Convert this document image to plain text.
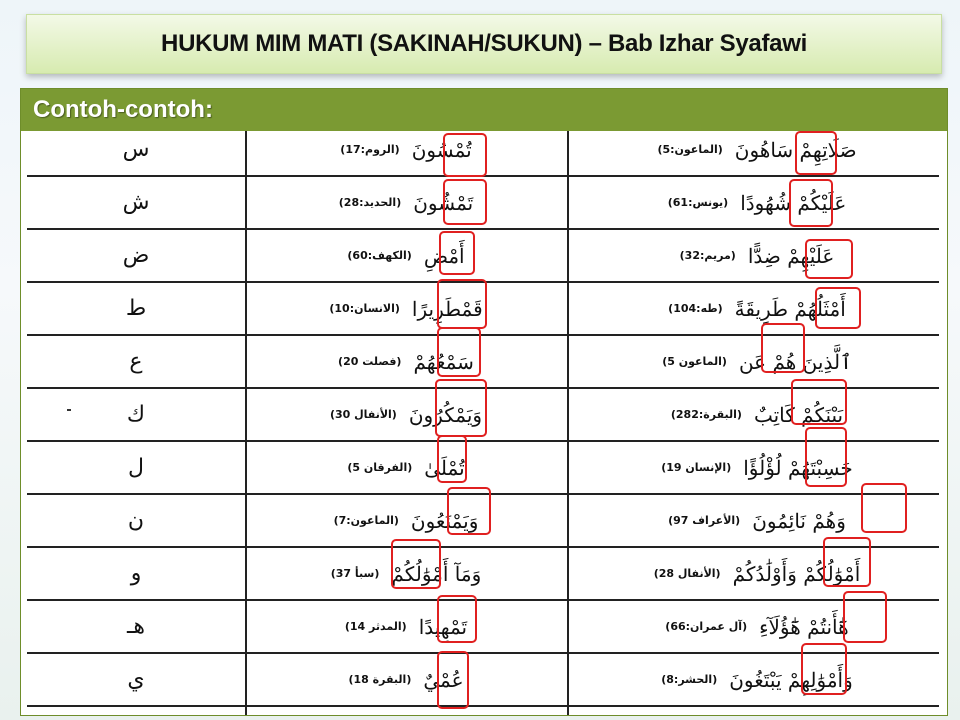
HUKUM MIM MATI (SAKINAH/SUKUN) – Bab Izhar Syafawi
Contoh-contoh:
س	(الروم:17) تُمْسُونَ	(الماعون:5) صَلَاتِهِمْ سَاهُونَ
ش	(الحديد:28) تَمْشُونَ	(يونس:61) عَلَيْكُمْ شُهُودًا
ض	(الكهف:60) أَمْضِ	(مريم:32) عَلَيْهِمْ ضِدًّا
ط	(الانسان:10) قَمْطَرِيرًا	(طه:104) أَمْثَلُهُمْ طَرِيقَةً
ع	(فصلت 20) سَمْعُهُمْ	(الماعون 5) ٱلَّذِينَ هُمْ عَن
ك	(الأنفال 30) وَيَمْكُرُونَ	(البقرة:282) بَيْنَكُمْ كَاتِبٌ
ل	(الفرقان 5) تُمْلَىٰ	(الإنسان 19) حَسِبْتَهُمْ لُؤْلُؤًا
ن	(الماعون:7) وَيَمْنَعُونَ	(الأعراف 97) وَهُمْ نَائِمُونَ
و	(سبأ 37) وَمَآ أَمْوَٰلُكُمْ	(الأنفال 28) أَمْوَٰلُكُمْ وَأَوْلَٰدُكُمْ
هـ	(المدثر 14) تَمْهِيدًا	(آل عمران:66) هَٰٓأَنتُمْ هَٰٓؤُلَآءِ
ي	(البقرة 18) عُمْيٌ	(الحشر:8) وَأَمْوَٰلِهِمْ يَبْتَغُونَ
